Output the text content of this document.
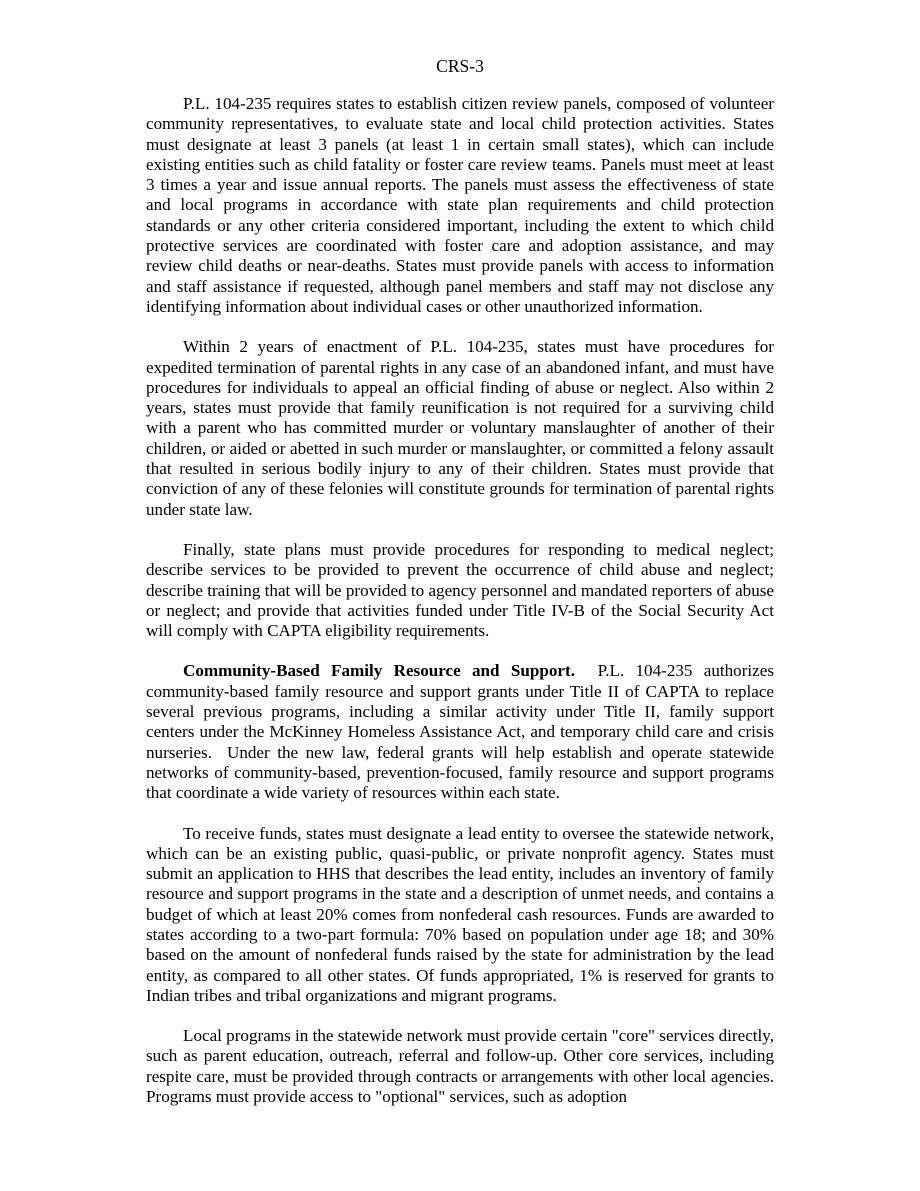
CRS-3

P.L. 104-235 requires states to establish citizen review panels, composed of volunteer community representatives, to evaluate state and local child protection activities. States must designate at least 3 panels (at least 1 in certain small states), which can include existing entities such as child fatality or foster care review teams. Panels must meet at least 3 times a year and issue annual reports. The panels must assess the effectiveness of state and local programs in accordance with state plan requirements and child protection standards or any other criteria considered important, including the extent to which child protective services are coordinated with foster care and adoption assistance, and may review child deaths or near-deaths. States must provide panels with access to information and staff assistance if requested, although panel members and staff may not disclose any identifying information about individual cases or other unauthorized information.

Within 2 years of enactment of P.L. 104-235, states must have procedures for expedited termination of parental rights in any case of an abandoned infant, and must have procedures for individuals to appeal an official finding of abuse or neglect. Also within 2 years, states must provide that family reunification is not required for a surviving child with a parent who has committed murder or voluntary manslaughter of another of their children, or aided or abetted in such murder or manslaughter, or committed a felony assault that resulted in serious bodily injury to any of their children. States must provide that conviction of any of these felonies will constitute grounds for termination of parental rights under state law.

Finally, state plans must provide procedures for responding to medical neglect; describe services to be provided to prevent the occurrence of child abuse and neglect; describe training that will be provided to agency personnel and mandated reporters of abuse or neglect; and provide that activities funded under Title IV-B of the Social Security Act will comply with CAPTA eligibility requirements.

Community-Based Family Resource and Support.  P.L. 104-235 authorizes community-based family resource and support grants under Title II of CAPTA to replace several previous programs, including a similar activity under Title II, family support centers under the McKinney Homeless Assistance Act, and temporary child care and crisis nurseries.  Under the new law, federal grants will help establish and operate statewide networks of community-based, prevention-focused, family resource and support programs that coordinate a wide variety of resources within each state.

To receive funds, states must designate a lead entity to oversee the statewide network, which can be an existing public, quasi-public, or private nonprofit agency. States must submit an application to HHS that describes the lead entity, includes an inventory of family resource and support programs in the state and a description of unmet needs, and contains a budget of which at least 20% comes from nonfederal cash resources. Funds are awarded to states according to a two-part formula: 70% based on population under age 18; and 30% based on the amount of nonfederal funds raised by the state for administration by the lead entity, as compared to all other states. Of funds appropriated, 1% is reserved for grants to Indian tribes and tribal organizations and migrant programs.

Local programs in the statewide network must provide certain "core" services directly, such as parent education, outreach, referral and follow-up. Other core services, including respite care, must be provided through contracts or arrangements with other local agencies. Programs must provide access to "optional" services, such as adoption
